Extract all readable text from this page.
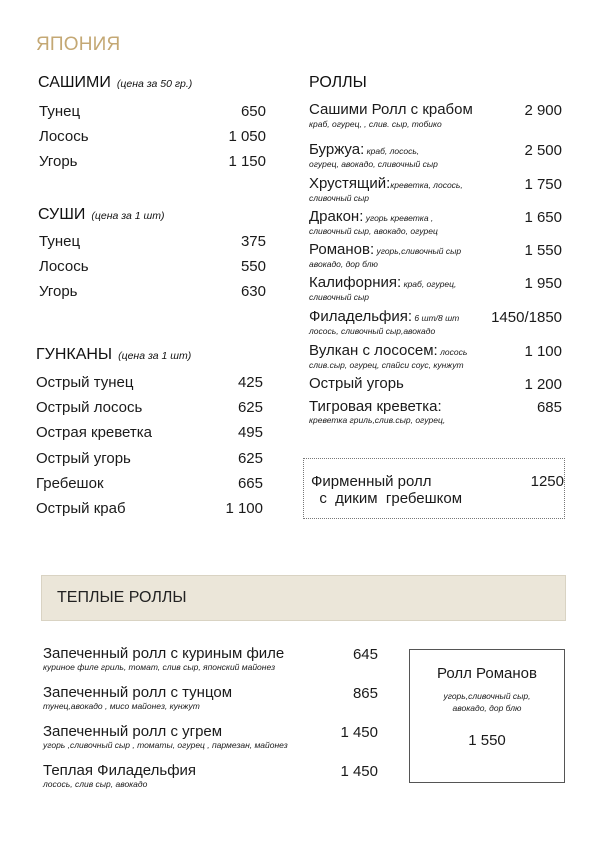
ЯПОНИЯ
САШИМИ (цена за 50 гр.)
Тунец	650
Лосось	1 050
Угорь	1 150
СУШИ (цена за 1 шт)
Тунец	375
Лосось	550
Угорь	630
ГУНКАНЫ (цена за 1 шт)
Острый тунец	425
Острый лосось	625
Острая креветка	495
Острый угорь	625
Гребешок	665
Острый краб	1 100
РОЛЛЫ
Сашими Ролл с крабом
краб, огурец, , слив. сыр, тобико
2 900
Буржуа: краб, лосось,
огурец, авокадо, сливочный сыр
2 500
Хрустящий:креветка, лосось,
сливочный сыр
1 750
Дракон: угорь креветка ,
сливочный сыр, авокадо, огурец
1 650
Романов: угорь,сливочный сыр
авокадо, дор блю
1 550
Калифорния: краб, огурец,
сливочный сыр
1 950
Филадельфия: 6 шт/8 шт
лосось, сливочный сыр,авокадо
1450/1850
Вулкан с лососем: лосось
слив.сыр, огурец, спайси соус, кунжут
1 100
Острый угорь	1 200
Тигровая креветка:
креветка гриль,слив.сыр, огурец,
685
Фирменный ролл
с  диким  гребешком
1250
ТЕПЛЫЕ РОЛЛЫ
Запеченный ролл с куриным филе
куриное филе гриль, томат, слив сыр, японский майонез
645
Запеченный ролл с тунцом
тунец,авокадо , мисо майонез, кунжут
865
Запеченный ролл с угрем
угорь ,сливочный сыр , томаты, огурец , пармезан, майонез
1 450
Теплая Филадельфия
лосось, слив сыр, авокадо
1 450
Ролл Романов
угорь,сливочный сыр,
авокадо, дор блю
1 550
